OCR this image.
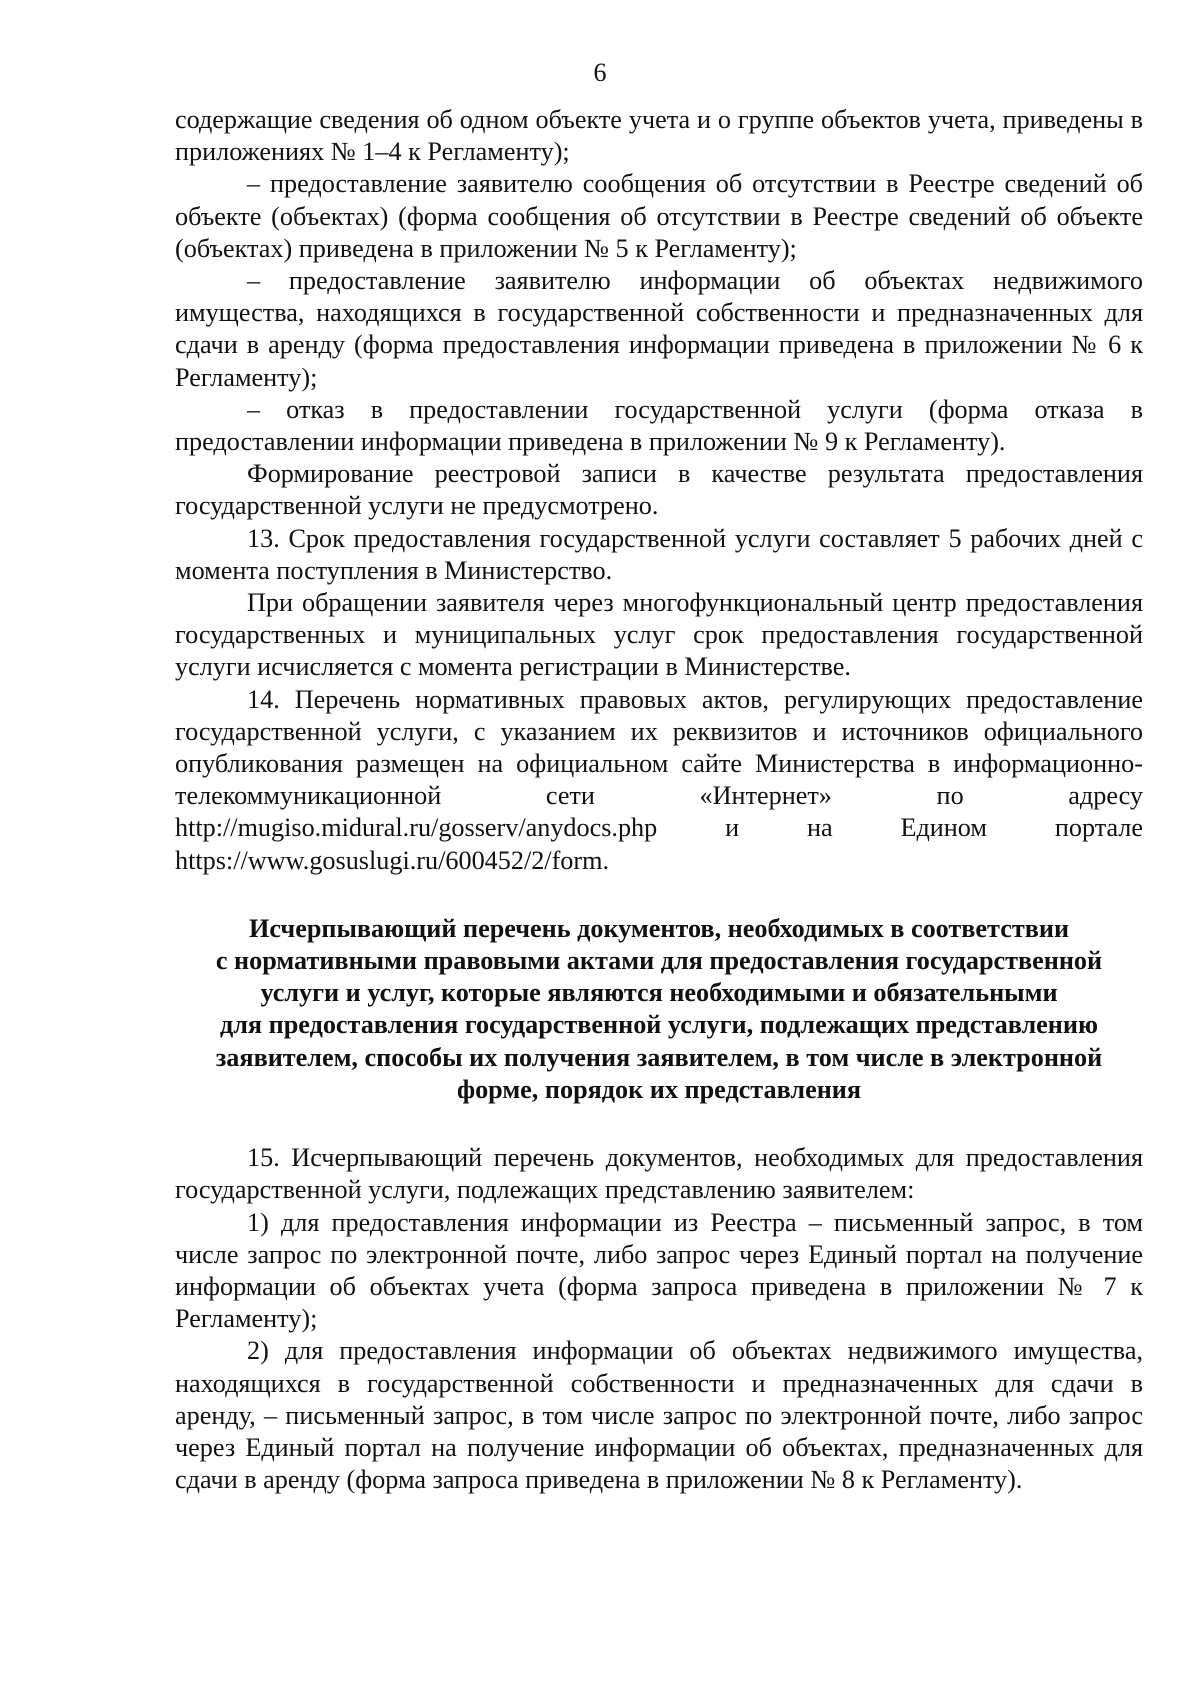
6

содержащие сведения об одном объекте учета и о группе объектов учета, приведены в приложениях № 1–4 к Регламенту);

– предоставление заявителю сообщения об отсутствии в Реестре сведений об объекте (объектах) (форма сообщения об отсутствии в Реестре сведений об объекте (объектах) приведена в приложении № 5 к Регламенту);

– предоставление заявителю информации об объектах недвижимого имущества, находящихся в государственной собственности и предназначенных для сдачи в аренду (форма предоставления информации приведена в приложении № 6 к Регламенту);

– отказ в предоставлении государственной услуги (форма отказа в предоставлении информации приведена в приложении № 9 к Регламенту).

Формирование реестровой записи в качестве результата предоставления государственной услуги не предусмотрено.

13. Срок предоставления государственной услуги составляет 5 рабочих дней с момента поступления в Министерство.

При обращении заявителя через многофункциональный центр предоставления государственных и муниципальных услуг срок предоставления государственной услуги исчисляется с момента регистрации в Министерстве.

14. Перечень нормативных правовых актов, регулирующих предоставление государственной услуги, с указанием их реквизитов и источников официального опубликования размещен на официальном сайте Министерства в информационно-телекоммуникационной сети «Интернет» по адресу http://mugiso.midural.ru/gosserv/anydocs.php и на Едином портале https://www.gosuslugi.ru/600452/2/form.

Исчерпывающий перечень документов, необходимых в соответствии
с нормативными правовыми актами для предоставления государственной
услуги и услуг, которые являются необходимыми и обязательными
для предоставления государственной услуги, подлежащих представлению
заявителем, способы их получения заявителем, в том числе в электронной
форме, порядок их представления

15. Исчерпывающий перечень документов, необходимых для предоставления государственной услуги, подлежащих представлению заявителем:

1) для предоставления информации из Реестра – письменный запрос, в том числе запрос по электронной почте, либо запрос через Единый портал на получение информации об объектах учета (форма запроса приведена в приложении № 7 к Регламенту);

2) для предоставления информации об объектах недвижимого имущества, находящихся в государственной собственности и предназначенных для сдачи в аренду, – письменный запрос, в том числе запрос по электронной почте, либо запрос через Единый портал на получение информации об объектах, предназначенных для сдачи в аренду (форма запроса приведена в приложении № 8 к Регламенту).
